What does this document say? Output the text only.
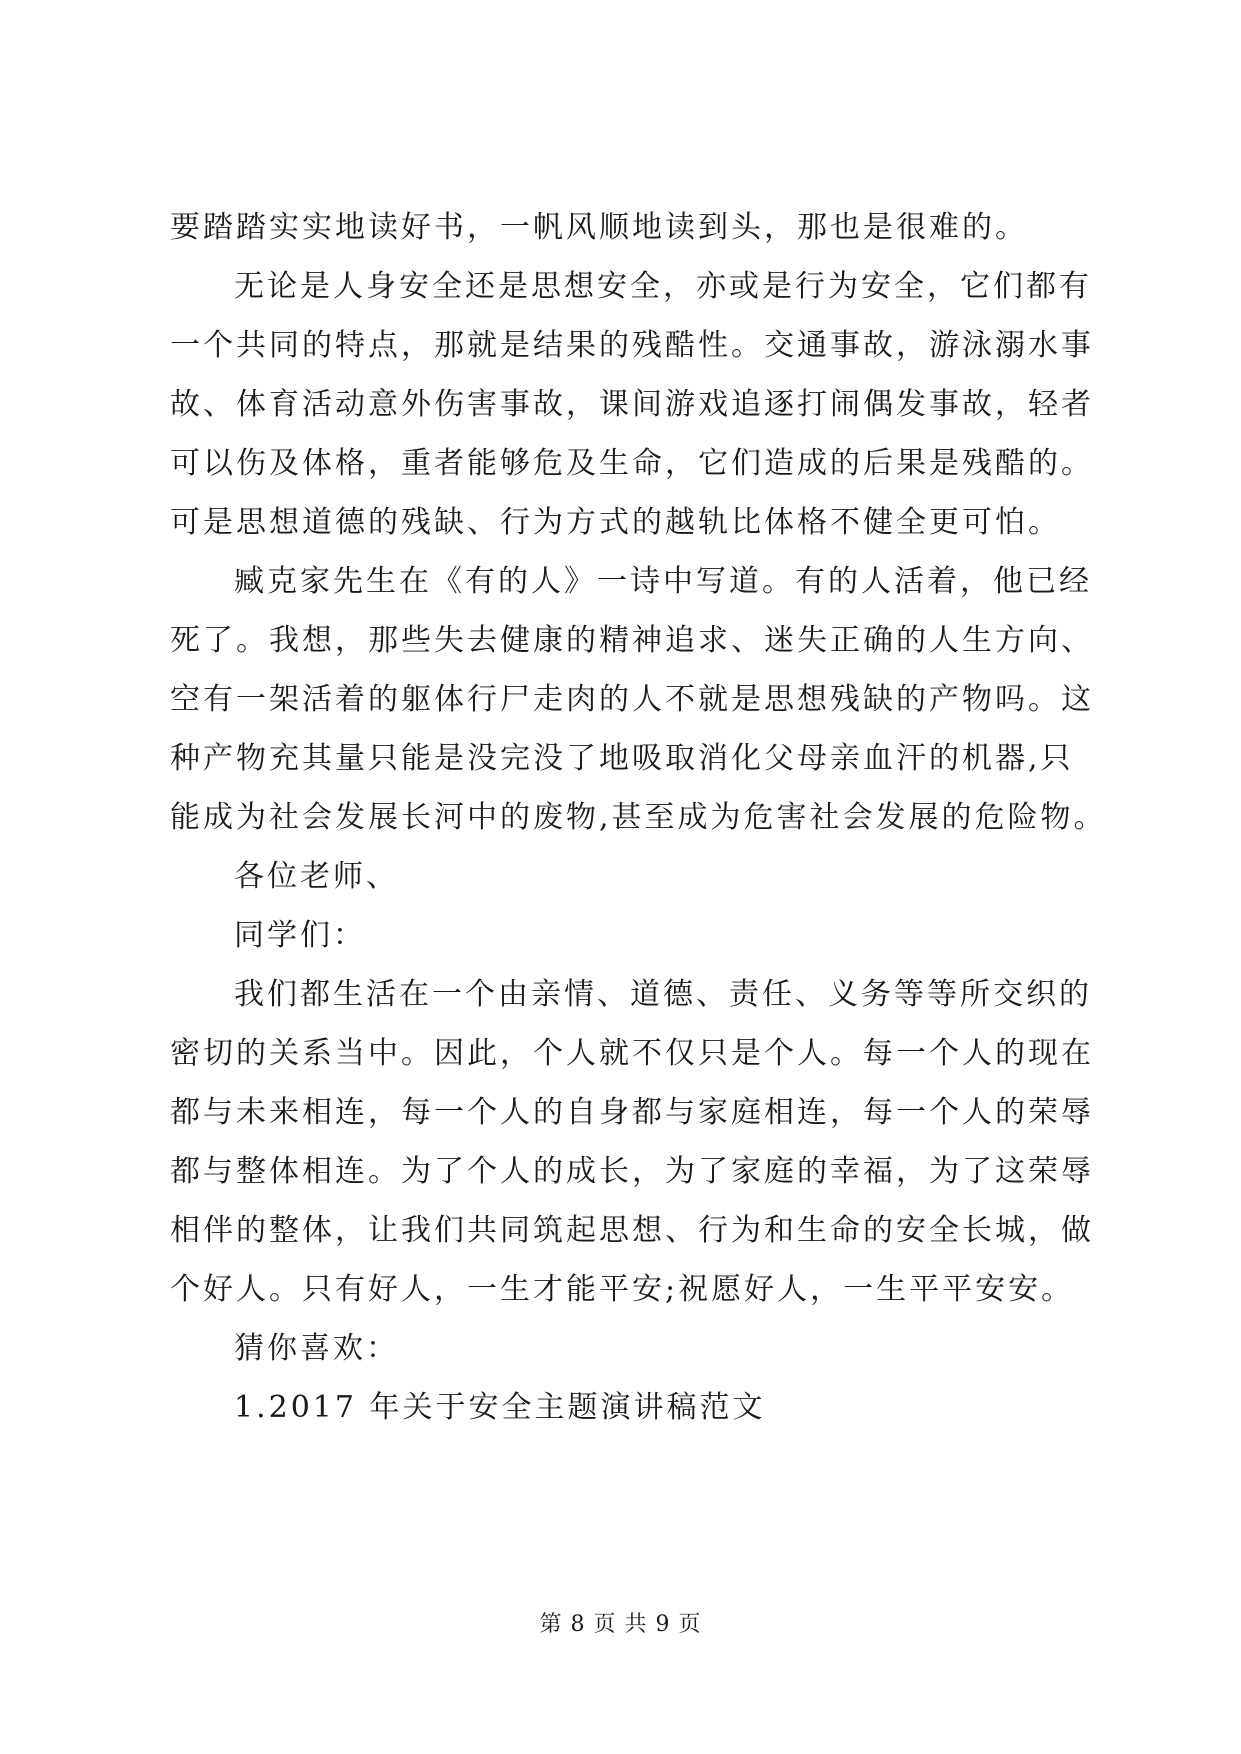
要踏踏实实地读好书，一帆风顺地读到头，那也是很难的。
无论是人身安全还是思想安全，亦或是行为安全，它们都有
一个共同的特点，那就是结果的残酷性。交通事故，游泳溺水事
故、体育活动意外伤害事故，课间游戏追逐打闹偶发事故，轻者
可以伤及体格，重者能够危及生命，它们造成的后果是残酷的。
可是思想道德的残缺、行为方式的越轨比体格不健全更可怕。
臧克家先生在《有的人》一诗中写道。有的人活着，他已经
死了。我想，那些失去健康的精神追求、迷失正确的人生方向、
空有一架活着的躯体行尸走肉的人不就是思想残缺的产物吗。这
种产物充其量只能是没完没了地吸取消化父母亲血汗的机器,只
能成为社会发展长河中的废物,甚至成为危害社会发展的危险物。
各位老师、
同学们：
我们都生活在一个由亲情、道德、责任、义务等等所交织的
密切的关系当中。因此，个人就不仅只是个人。每一个人的现在
都与未来相连，每一个人的自身都与家庭相连，每一个人的荣辱
都与整体相连。为了个人的成长，为了家庭的幸福，为了这荣辱
相伴的整体，让我们共同筑起思想、行为和生命的安全长城，做
个好人。只有好人，一生才能平安;祝愿好人，一生平平安安。
猜你喜欢：
1.2017 年关于安全主题演讲稿范文
第 8 页 共 9 页
